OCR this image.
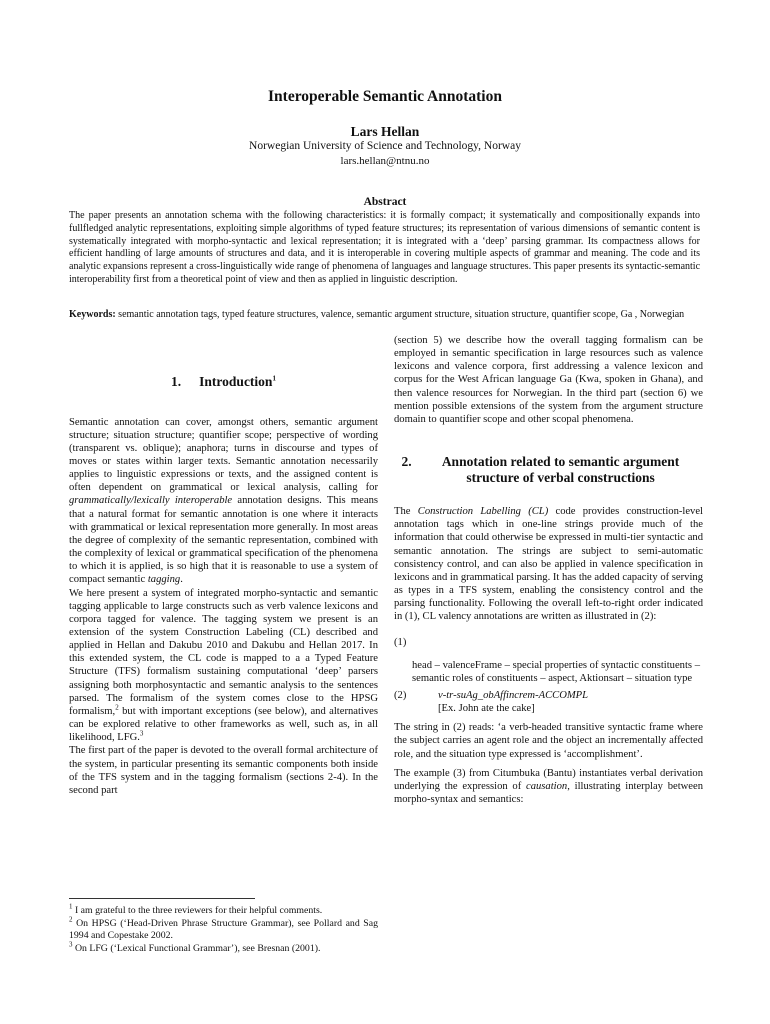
Interoperable Semantic Annotation
Lars Hellan
Norwegian University of Science and Technology, Norway
lars.hellan@ntnu.no
Abstract
The paper presents an annotation schema with the following characteristics: it is formally compact; it systematically and compositionally expands into fullfledged analytic representations, exploiting simple algorithms of typed feature structures; its representation of various dimensions of semantic content is systematically integrated with morpho-syntactic and lexical representation; it is integrated with a ‘deep’ parsing grammar. Its compactness allows for efficient handling of large amounts of structures and data, and it is interoperable in covering multiple aspects of grammar and meaning. The code and its analytic expansions represent a cross-linguistically wide range of phenomena of languages and language structures. This paper presents its syntactic-semantic interoperability first from a theoretical point of view and then as applied in linguistic description.
Keywords: semantic annotation tags, typed feature structures, valence, semantic argument structure, situation structure, quantifier scope, Ga , Norwegian
1. Introduction$^1$

Semantic annotation can cover, amongst others, semantic argument structure; situation structure; quantifier scope; perspective of wording (transparent vs. oblique); anaphora; turns in discourse and types of moves or states within larger texts. Semantic annotation necessarily applies to linguistic expressions or texts, and the assigned content is often dependent on grammatical or lexical analysis, calling for grammatically/lexically interoperable annotation designs. This means that a natural format for semantic annotation is one where it interacts with grammatical or lexical representation more generally. In most areas the degree of complexity of the semantic representation, combined with the complexity of lexical or grammatical specification of the phenomena to which it is applied, is so high that it is reasonable to use a system of compact semantic tagging.

We here present a system of integrated morpho-syntactic and semantic tagging applicable to large constructs such as verb valence lexicons and corpora tagged for valence. The tagging system we present is an extension of the system Construction Labeling (CL) described and applied in Hellan and Dakubu 2010 and Dakubu and Hellan 2017. In this extended system, the CL code is mapped to a a Typed Feature Structure (TFS) formalism sustaining computational ‘deep’ parsers assigning both morphosyntactic and semantic analysis to the sentences parsed. The formalism of the system comes close to the HPSG formalism,$^2$ but with important exceptions (see below), and alternatives can be explored relative to other frameworks as well, such as, in all likelihood, LFG.$^3$

The first part of the paper is devoted to the overall formal architecture of the system, in particular presenting its semantic components both inside of the TFS system and in the tagging formalism (sections 2-4). In the second part

$^1$ I am grateful to the three reviewers for their helpful comments.

$^2$ On HPSG (‘Head-Driven Phrase Structure Grammar), see Pollard and Sag 1994 and Copestake 2002.

$^3$ On LFG (‘Lexical Functional Grammar’), see Bresnan (2001).

(section 5) we describe how the overall tagging formalism can be employed in semantic specification in large resources such as valence lexicons and valence corpora, first addressing a valence lexicon and corpus for the West African language Ga (Kwa, spoken in Ghana), and then valence resources for Norwegian. In the third part (section 6) we mention possible extensions of the system from the argument structure domain to quantifier scope and other scopal phenomena.

2.	Annotation related to semantic argument structure of verbal constructions

The Construction Labelling (CL) code provides construction-level annotation tags which in one-line strings provide much of the information that could otherwise be expressed in multi-tier syntactic and semantic annotation. The strings are subject to semi-automatic consistency control, and can also be applied in valence specification in lexicons and in grammatical parsing. It has the added capacity of serving as types in a TFS system, enabling the consistency control and the parsing functionality. Following the overall left-to-right order indicated in (1), CL valency annotations are written as illustrated in (2):

(1)
head – valenceFrame – special properties of syntactic constituents – semantic roles of constituents – aspect, Aktionsart – situation type
(2)	v-tr-suAg_obAffincrem-ACCOMPL
[Ex. John ate the cake]

The string in (2) reads: ‘a verb-headed transitive syntactic frame where the subject carries an agent role and the object an incrementally affected role, and the situation type expressed is ‘accomplishment’.

The example (3) from Citumbuka (Bantu) instantiates verbal derivation underlying the expression of causation, illustrating interplay between morpho-syntax and semantics:
